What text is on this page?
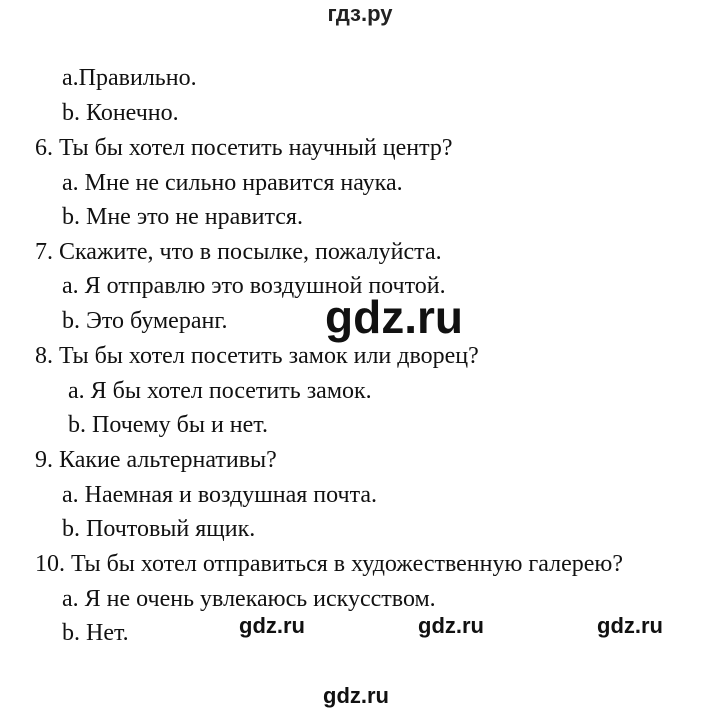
гдз.ру
a.Правильно.
b. Конечно.
6. Ты бы хотел посетить научный центр?
a. Мне не сильно нравится наука.
b. Мне это не нравится.
7. Скажите, что в посылке, пожалуйста.
a. Я отправлю это воздушной почтой.
b. Это бумеранг.
8. Ты бы хотел посетить замок или дворец?
a. Я бы хотел посетить замок.
b. Почему бы и нет.
9. Какие альтернативы?
a. Наемная и воздушная почта.
b. Почтовый ящик.
10. Ты бы хотел отправиться в художественную галерею?
a. Я не очень увлекаюсь искусством.
b. Нет.
gdz.ru
gdz.ru	gdz.ru	gdz.ru
gdz.ru
